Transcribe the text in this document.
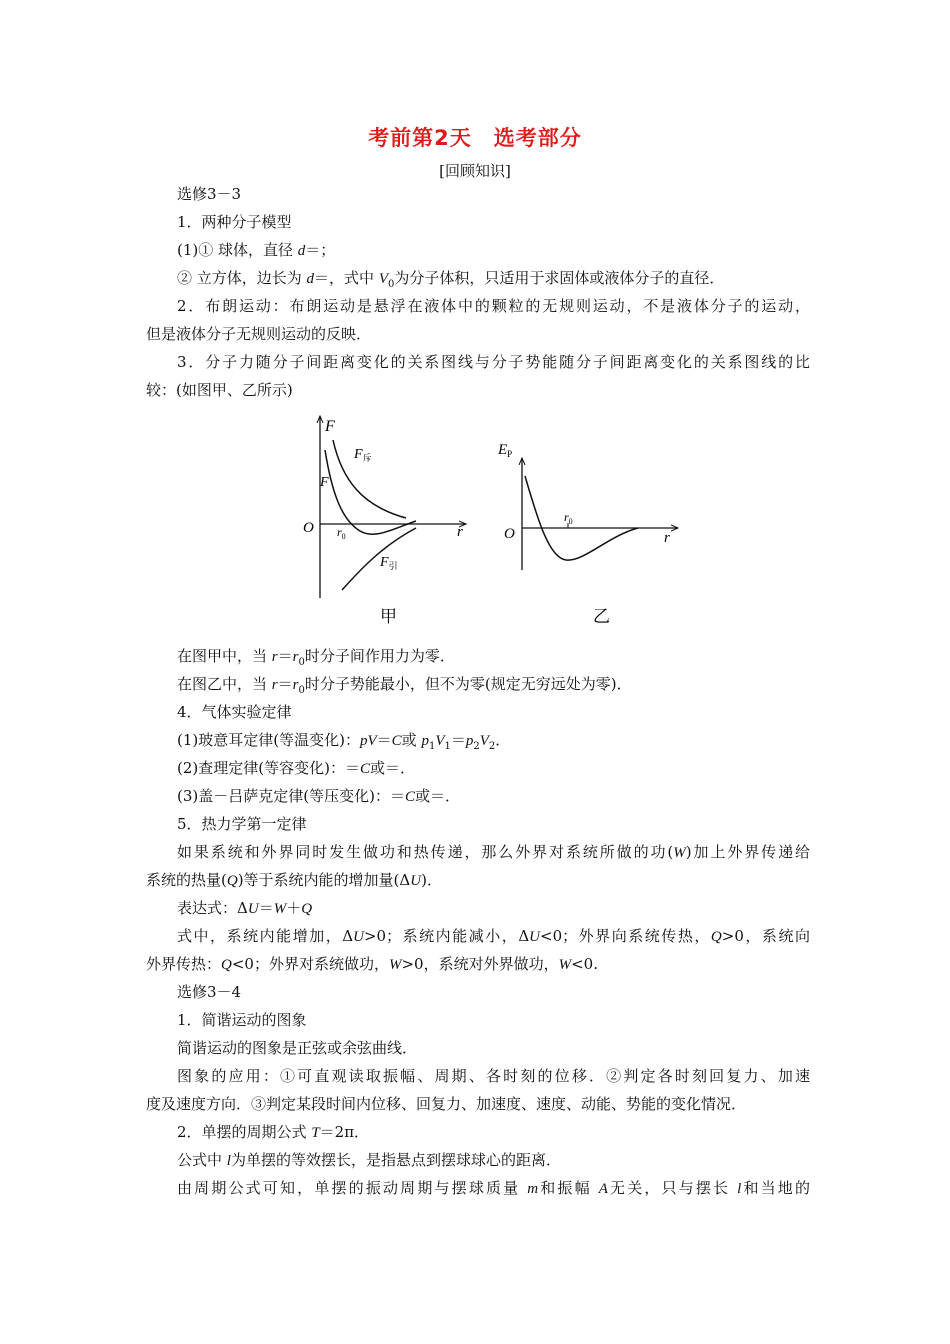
考前第2天　选考部分
[回顾知识]
选修3－3
1．两种分子模型
(1)① 球体，直径 d＝；
② 立方体，边长为 d＝，式中 $V_0$为分子体积，只适用于求固体或液体分子的直径．
2．布朗运动：布朗运动是悬浮在液体中的颗粒的无规则运动，不是液体分子的运动，
但是液体分子无规则运动的反映．
3．分子力随分子间距离变化的关系图线与分子势能随分子间距离变化的关系图线的比
较：(如图甲、乙所示)
F
O	r
$r_0$
$F_斥$
F
$F_引$
甲
$E_P$
O	r
$r_0$
乙
在图甲中，当 $r=r_0$时分子间作用力为零．
在图乙中，当 $r=r_0$时分子势能最小，但不为零(规定无穷远处为零)．
4．气体实验定律
(1)玻意耳定律(等温变化)：pV＝C或 $p_1V_1=p_2V_2$．
(2)查理定律(等容变化)：＝C或＝．
(3)盖－吕萨克定律(等压变化)：＝C或＝．
5．热力学第一定律
如果系统和外界同时发生做功和热传递，那么外界对系统所做的功(W)加上外界传递给
系统的热量(Q)等于系统内能的增加量(ΔU)．
表达式：ΔU＝W＋Q
式中，系统内能增加，ΔU>0；系统内能减小，ΔU<0；外界向系统传热，Q>0，系统向
外界传热：Q<0；外界对系统做功，W>0，系统对外界做功，W<0.
选修3－4
1．简谐运动的图象
简谐运动的图象是正弦或余弦曲线．
图象的应用：①可直观读取振幅、周期、各时刻的位移．②判定各时刻回复力、加速
度及速度方向．③判定某段时间内位移、回复力、加速度、速度、动能、势能的变化情况．
2．单摆的周期公式 T＝2π．
公式中 l为单摆的等效摆长，是指悬点到摆球球心的距离．
由周期公式可知，单摆的振动周期与摆球质量 m和振幅 A无关，只与摆长 l和当地的
